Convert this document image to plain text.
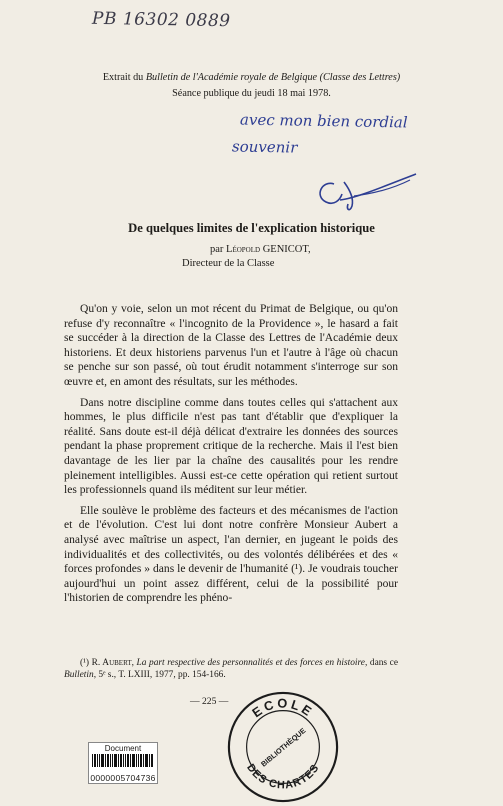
PB 16302 0889
Extrait du Bulletin de l'Académie royale de Belgique (Classe des Lettres)
Séance publique du jeudi 18 mai 1978.
avec mon bien cordial
souvenir
De quelques limites de l'explication historique
par Léopold GENICOT,
Directeur de la Classe

Qu'on y voie, selon un mot récent du Primat de Belgique, ou qu'on refuse d'y reconnaître « l'incognito de la Providence », le hasard a fait se succéder à la direction de la Classe des Lettres de l'Académie deux historiens. Et deux historiens parvenus l'un et l'autre à l'âge où chacun se penche sur son passé, où tout érudit notamment s'interroge sur son œuvre et, en amont des résultats, sur les méthodes.

Dans notre discipline comme dans toutes celles qui s'attachent aux hommes, le plus difficile n'est pas tant d'établir que d'expliquer la réalité. Sans doute est-il déjà délicat d'extraire les données des sources pendant la phase proprement critique de la recherche. Mais il l'est bien davantage de les lier par la chaîne des causalités pour les rendre pleinement intelligibles. Aussi est-ce cette opération qui retient surtout les professionnels quand ils méditent sur leur métier.

Elle soulève le problème des facteurs et des mécanismes de l'action et de l'évolution. C'est lui dont notre confrère Monsieur Aubert a analysé avec maîtrise un aspect, l'an dernier, en jugeant le poids des individualités et des collectivités, ou des volontés délibérées et des « forces profondes » dans le devenir de l'humanité (¹). Je voudrais toucher aujourd'hui un point assez différent, celui de la possibilité pour l'historien de comprendre les phéno-

(¹) R. Aubert, La part respective des personnalités et des forces en histoire, dans ce Bulletin, 5ᵉ s., T. LXIII, 1977, pp. 154-166.
— 225 — ECOLE
DES CHARTES
BIBLIOTHÈQUE
Document
0000005704736
